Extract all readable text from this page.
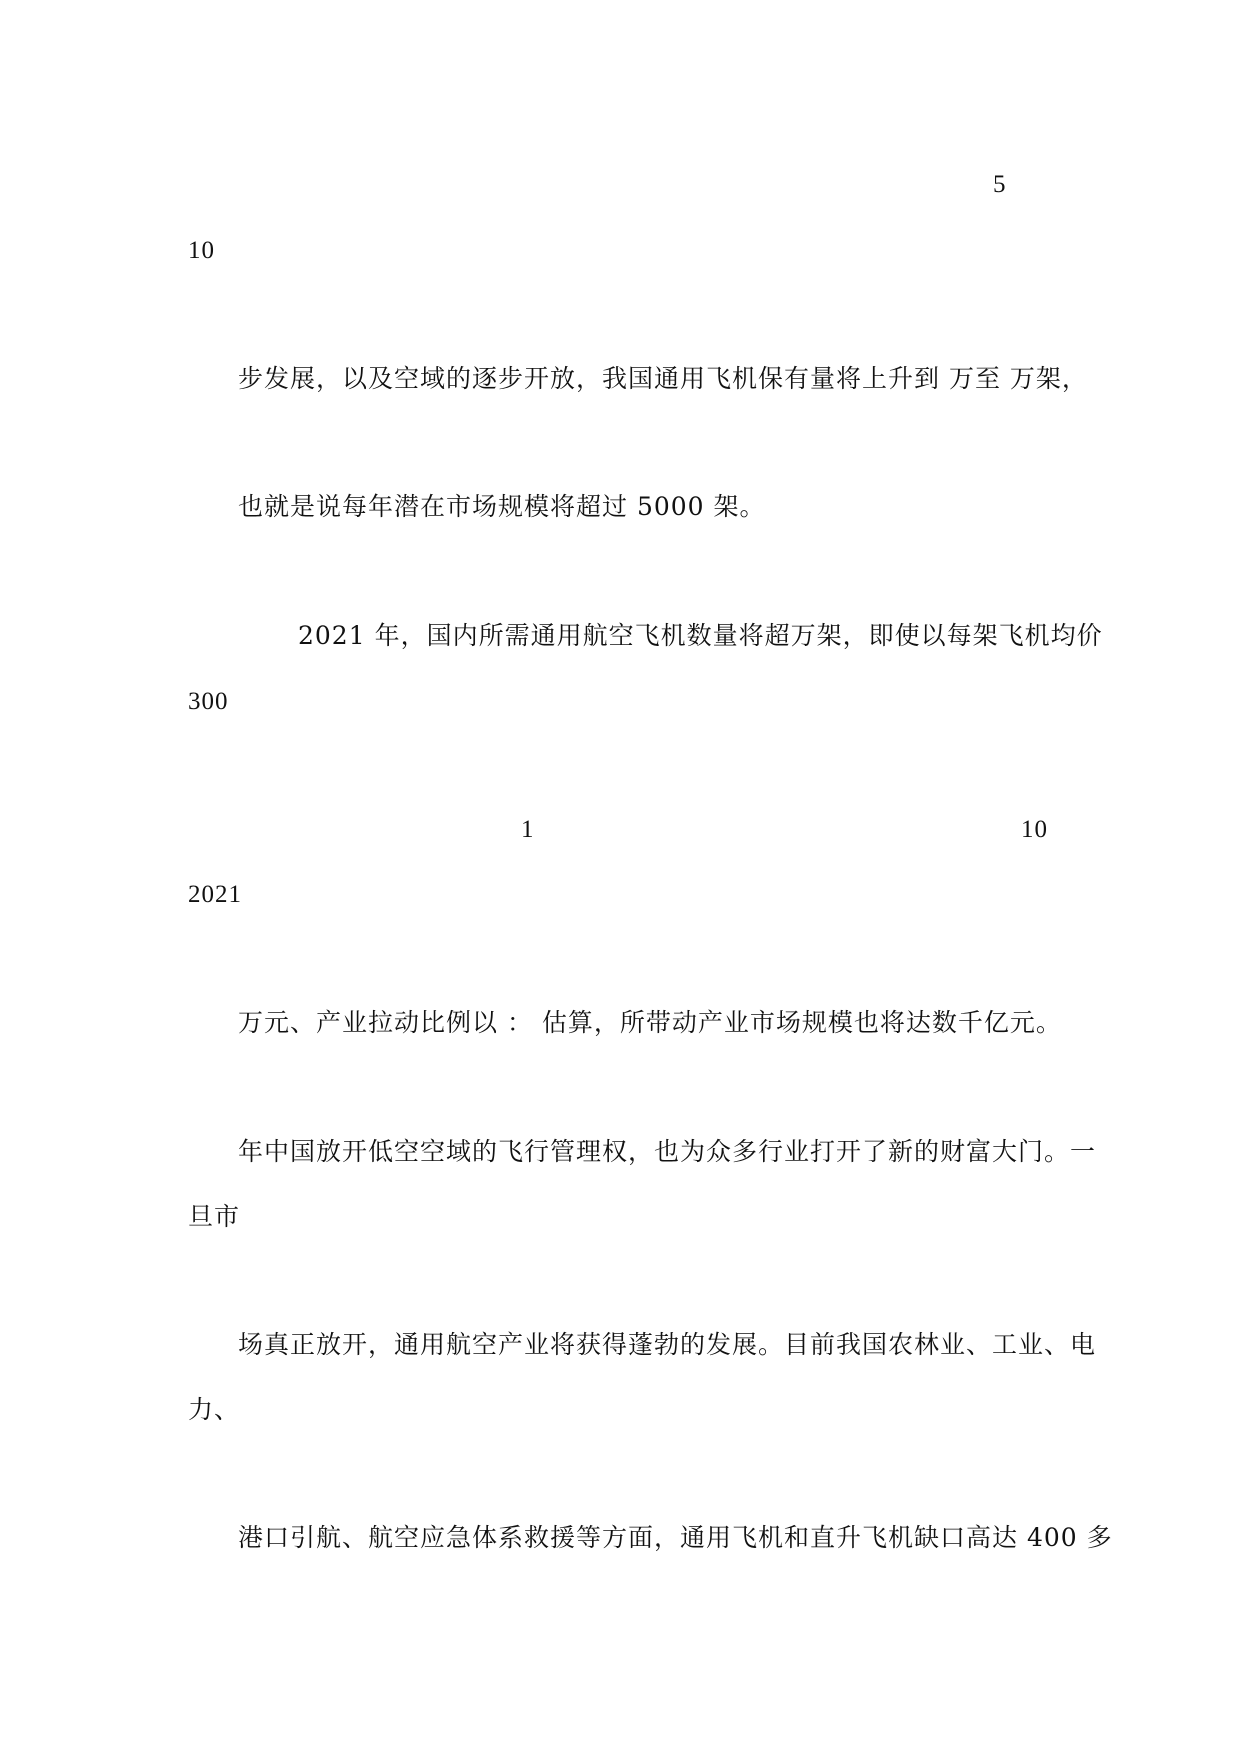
5
10
步发展，以及空域的逐步开放，我国通用飞机保有量将上升到 万至 万架，
也就是说每年潜在市场规模将超过 5000 架。
2021 年，国内所需通用航空飞机数量将超万架，即使以每架飞机均价
300
1	10
2021
万元、产业拉动比例以 ： 估算，所带动产业市场规模也将达数千亿元。
年中国放开低空空域的飞行管理权，也为众多行业打开了新的财富大门。一
旦市
场真正放开，通用航空产业将获得蓬勃的发展。目前我国农林业、工业、电
力、
港口引航、航空应急体系救援等方面，通用飞机和直升飞机缺口高达 400 多
